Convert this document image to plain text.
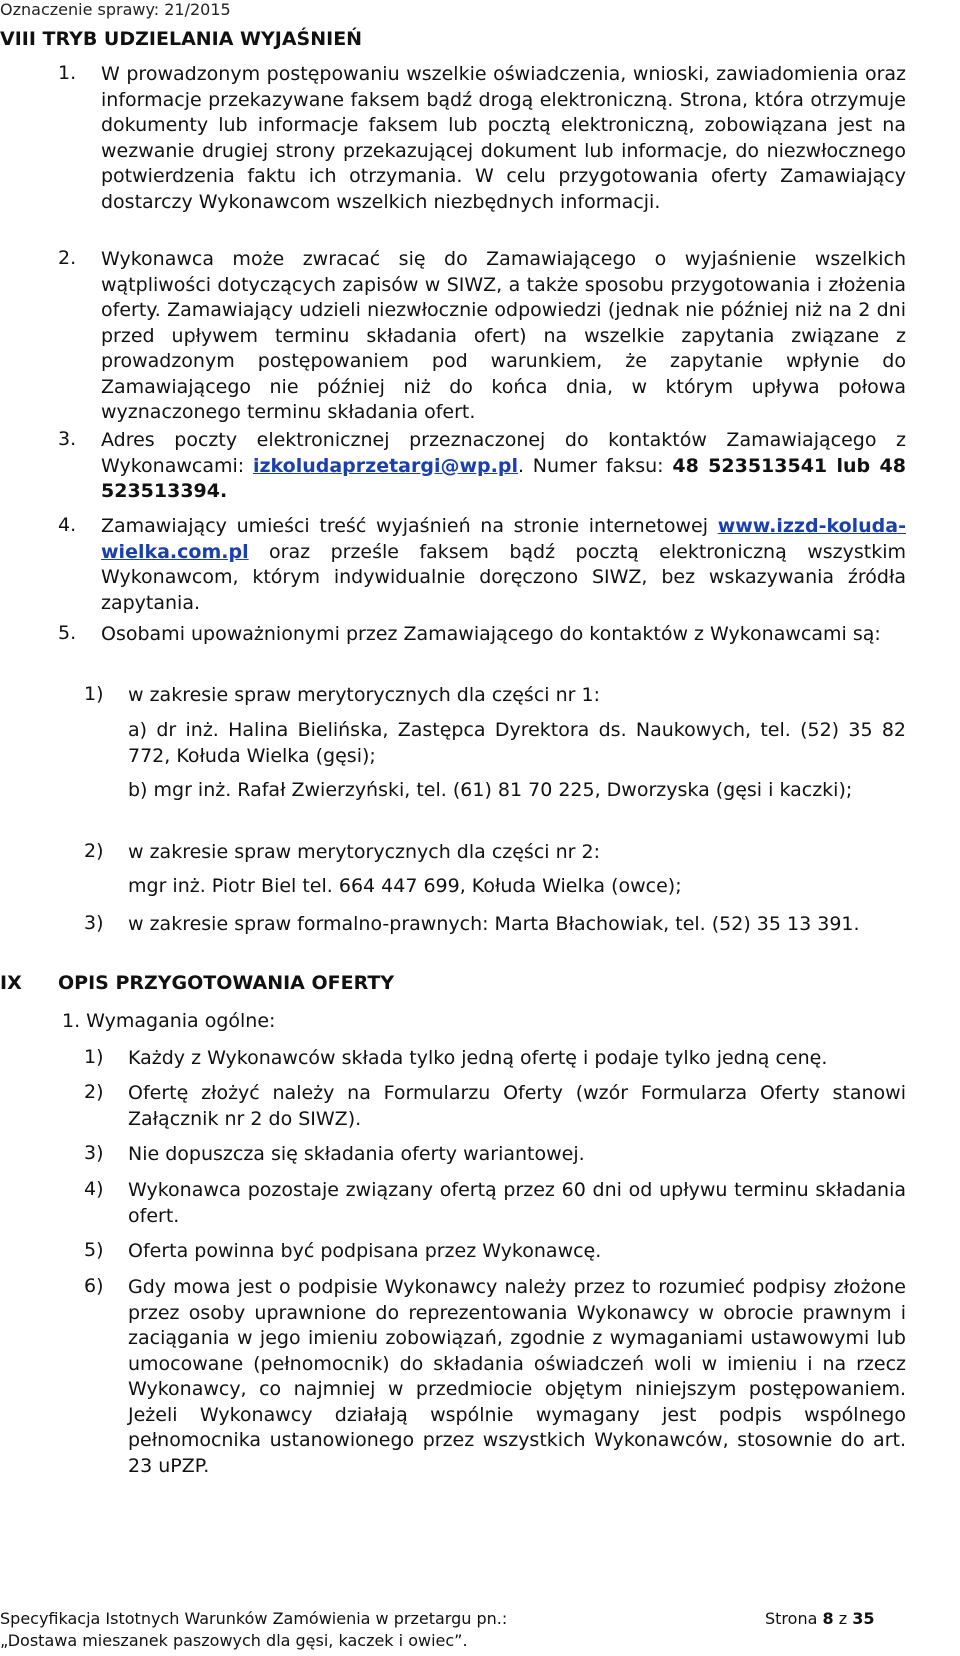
Oznaczenie sprawy: 21/2015
VIII TRYB UDZIELANIA WYJAŚNIEŃ
1. W prowadzonym postępowaniu wszelkie oświadczenia, wnioski, zawiadomienia oraz informacje przekazywane faksem bądź drogą elektroniczną. Strona, która otrzymuje dokumenty lub informacje faksem lub pocztą elektroniczną, zobowiązana jest na wezwanie drugiej strony przekazującej dokument lub informacje, do niezwłocznego potwierdzenia faktu ich otrzymania. W celu przygotowania oferty Zamawiający dostarczy Wykonawcom wszelkich niezbędnych informacji.
2. Wykonawca może zwracać się do Zamawiającego o wyjaśnienie wszelkich wątpliwości dotyczących zapisów w SIWZ, a także sposobu przygotowania i złożenia oferty. Zamawiający udzieli niezwłocznie odpowiedzi (jednak nie później niż na 2 dni przed upływem terminu składania ofert) na wszelkie zapytania związane z prowadzonym postępowaniem pod warunkiem, że zapytanie wpłynie do Zamawiającego nie później niż do końca dnia, w którym upływa połowa wyznaczonego terminu składania ofert.
3. Adres poczty elektronicznej przeznaczonej do kontaktów Zamawiającego z Wykonawcami: izkoludaprzetargi@wp.pl. Numer faksu: 48 523513541 lub 48 523513394.
4. Zamawiający umieści treść wyjaśnień na stronie internetowej www.izzd-koluda-wielka.com.pl oraz prześle faksem bądź pocztą elektroniczną wszystkim Wykonawcom, którym indywidualnie doręczono SIWZ, bez wskazywania źródła zapytania.
5. Osobami upoważnionymi przez Zamawiającego do kontaktów z Wykonawcami są:
1) w zakresie spraw merytorycznych dla części nr 1:
a) dr inż. Halina Bielińska, Zastępca Dyrektora ds. Naukowych, tel. (52) 35 82 772, Kołuda Wielka (gęsi);
b) mgr inż. Rafał Zwierzyński, tel. (61) 81 70 225, Dworzyska (gęsi i kaczki);
2) w zakresie spraw merytorycznych dla części nr 2:
mgr inż. Piotr Biel tel. 664 447 699, Kołuda Wielka (owce);
3) w zakresie spraw formalno-prawnych: Marta Błachowiak, tel. (52) 35 13 391.
IX OPIS PRZYGOTOWANIA OFERTY
1. Wymagania ogólne:
1) Każdy z Wykonawców składa tylko jedną ofertę i podaje tylko jedną cenę.
2) Ofertę złożyć należy na Formularzu Oferty (wzór Formularza Oferty stanowi Załącznik nr 2 do SIWZ).
3) Nie dopuszcza się składania oferty wariantowej.
4) Wykonawca pozostaje związany ofertą przez 60 dni od upływu terminu składania ofert.
5) Oferta powinna być podpisana przez Wykonawcę.
6) Gdy mowa jest o podpisie Wykonawcy należy przez to rozumieć podpisy złożone przez osoby uprawnione do reprezentowania Wykonawcy w obrocie prawnym i zaciągania w jego imieniu zobowiązań, zgodnie z wymaganiami ustawowymi lub umocowane (pełnomocnik) do składania oświadczeń woli w imieniu i na rzecz Wykonawcy, co najmniej w przedmiocie objętym niniejszym postępowaniem. Jeżeli Wykonawcy działają wspólnie wymagany jest podpis wspólnego pełnomocnika ustanowionego przez wszystkich Wykonawców, stosownie do art. 23 uPZP.
Specyfikacja Istotnych Warunków Zamówienia w przetargu pn.:
„Dostawa mieszanek paszowych dla gęsi, kaczek i owiec”.
Strona 8 z 35
